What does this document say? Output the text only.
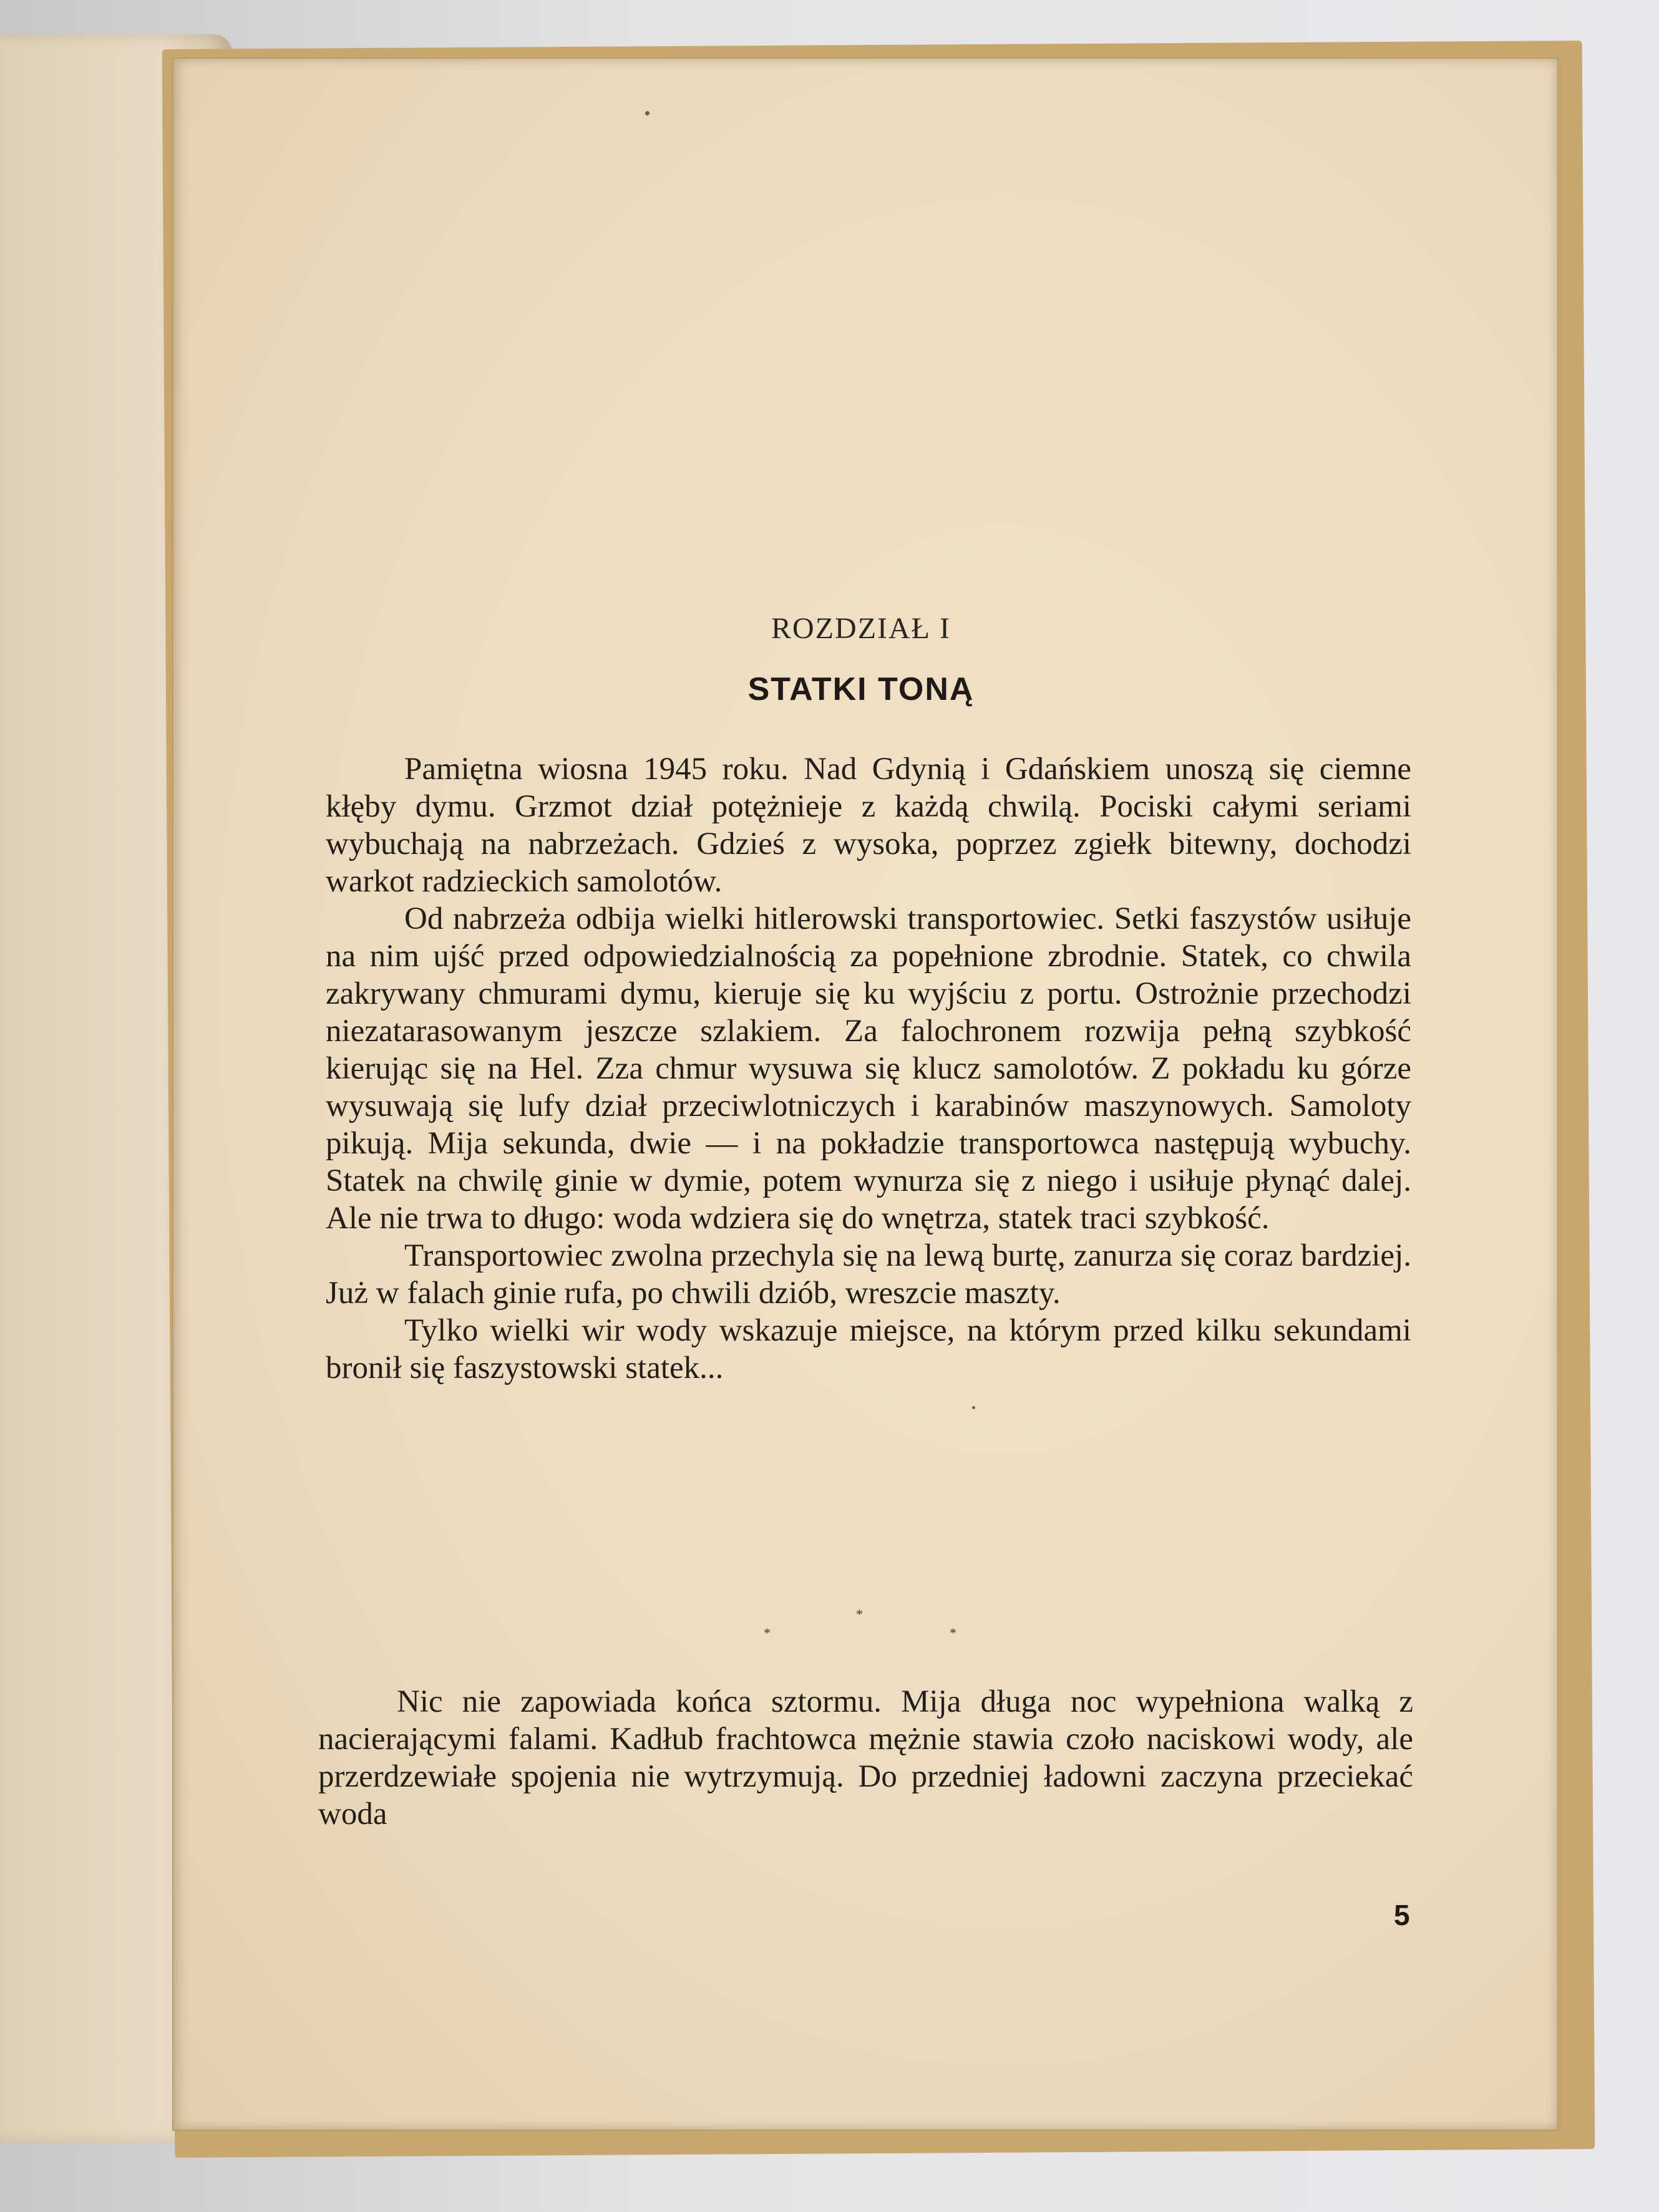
ROZDZIAŁ I
STATKI TONĄ

Pamiętna wiosna 1945 roku. Nad Gdynią i Gdańskiem unoszą się ciemne kłęby dymu. Grzmot dział potężnieje z każdą chwilą. Pociski całymi seriami wybuchają na nabrzeżach. Gdzieś z wysoka, poprzez zgiełk bitewny, dochodzi warkot radzieckich samolotów.

Od nabrzeża odbija wielki hitlerowski transportowiec. Setki faszystów usiłuje na nim ujść przed odpowiedzialnością za popełnione zbrodnie. Statek, co chwila zakrywany chmurami dymu, kieruje się ku wyjściu z portu. Ostrożnie przechodzi niezatarasowanym jeszcze szlakiem. Za falochronem rozwija pełną szybkość kierując się na Hel. Zza chmur wysuwa się klucz samolotów. Z pokładu ku górze wysuwają się lufy dział przeciwlotniczych i karabinów maszynowych. Samoloty pikują. Mija sekunda, dwie — i na pokładzie transportowca następują wybuchy. Statek na chwilę ginie w dymie, potem wynurza się z niego i usiłuje płynąć dalej. Ale nie trwa to długo: woda wdziera się do wnętrza, statek traci szybkość.

Transportowiec zwolna przechyla się na lewą burtę, zanurza się coraz bardziej. Już w falach ginie rufa, po chwili dziób, wreszcie maszty.

Tylko wielki wir wody wskazuje miejsce, na którym przed kilku sekundami bronił się faszystowski statek...

*
*
*

Nic nie zapowiada końca sztormu. Mija długa noc wypełniona walką z nacierającymi falami. Kadłub frachtowca mężnie stawia czoło naciskowi wody, ale przerdzewiałe spojenia nie wytrzymują. Do przedniej ładowni zaczyna przeciekać woda

5
